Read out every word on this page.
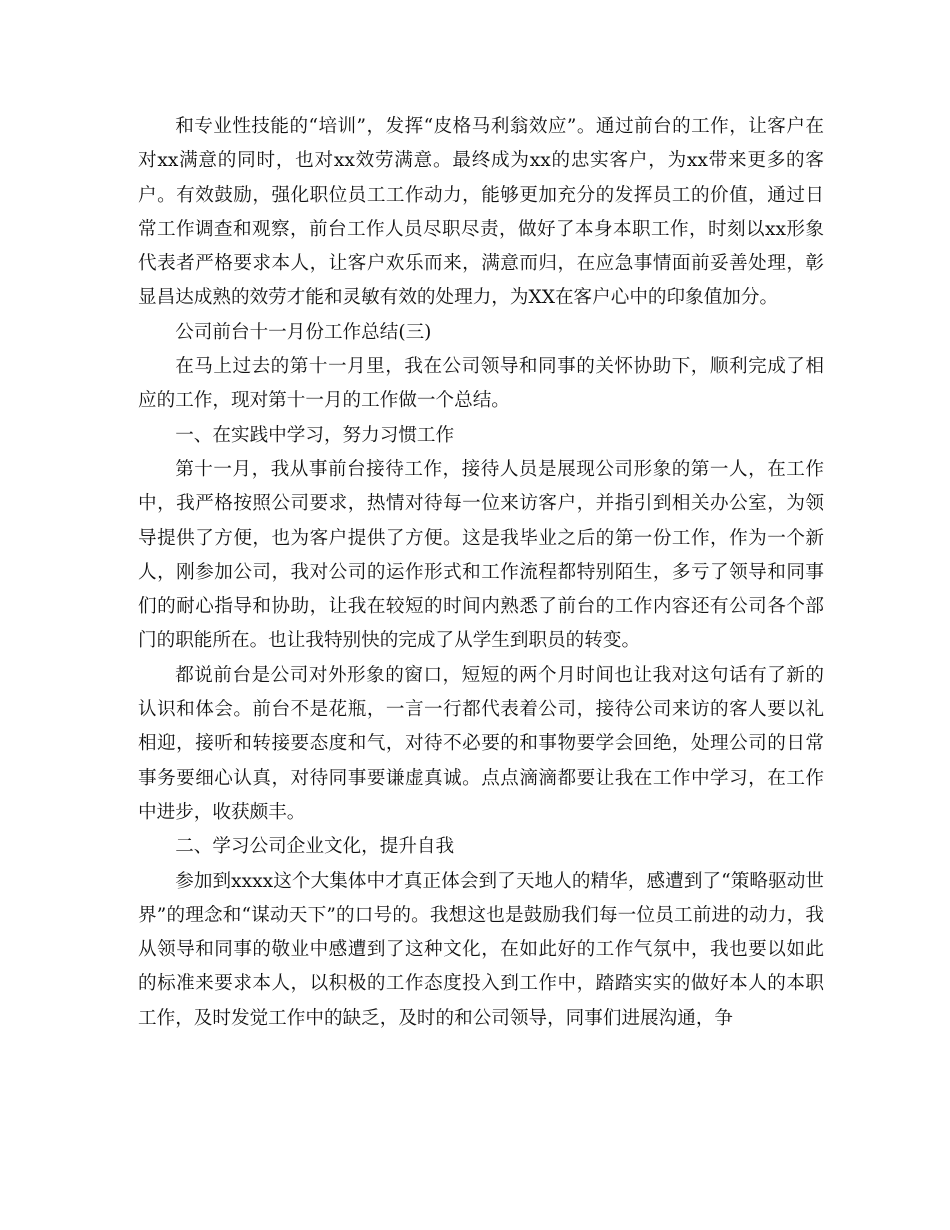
和专业性技能的“培训”，发挥“皮格马利翁效应”。通过前台的工作，让客户在对xx满意的同时，也对xx效劳满意。最终成为xx的忠实客户，为xx带来更多的客户。有效鼓励，强化职位员工工作动力，能够更加充分的发挥员工的价值，通过日常工作调查和观察，前台工作人员尽职尽责，做好了本身本职工作，时刻以xx形象代表者严格要求本人，让客户欢乐而来，满意而归，在应急事情面前妥善处理，彰显昌达成熟的效劳才能和灵敏有效的处理力，为XX在客户心中的印象值加分。

公司前台十一月份工作总结(三)

在马上过去的第十一月里，我在公司领导和同事的关怀协助下，顺利完成了相应的工作，现对第十一月的工作做一个总结。

一、在实践中学习，努力习惯工作

第十一月，我从事前台接待工作，接待人员是展现公司形象的第一人，在工作中，我严格按照公司要求，热情对待每一位来访客户，并指引到相关办公室，为领导提供了方便，也为客户提供了方便。这是我毕业之后的第一份工作，作为一个新人，刚参加公司，我对公司的运作形式和工作流程都特别陌生，多亏了领导和同事们的耐心指导和协助，让我在较短的时间内熟悉了前台的工作内容还有公司各个部门的职能所在。也让我特别快的完成了从学生到职员的转变。

都说前台是公司对外形象的窗口，短短的两个月时间也让我对这句话有了新的认识和体会。前台不是花瓶，一言一行都代表着公司，接待公司来访的客人要以礼相迎，接听和转接要态度和气，对待不必要的和事物要学会回绝，处理公司的日常事务要细心认真，对待同事要谦虚真诚。点点滴滴都要让我在工作中学习，在工作中进步，收获颇丰。

二、学习公司企业文化，提升自我

参加到xxxx这个大集体中才真正体会到了天地人的精华，感遭到了“策略驱动世界”的理念和“谋动天下”的口号的。我想这也是鼓励我们每一位员工前进的动力，我从领导和同事的敬业中感遭到了这种文化，在如此好的工作气氛中，我也要以如此的标准来要求本人，以积极的工作态度投入到工作中，踏踏实实的做好本人的本职工作，及时发觉工作中的缺乏，及时的和公司领导，同事们进展沟通，争
